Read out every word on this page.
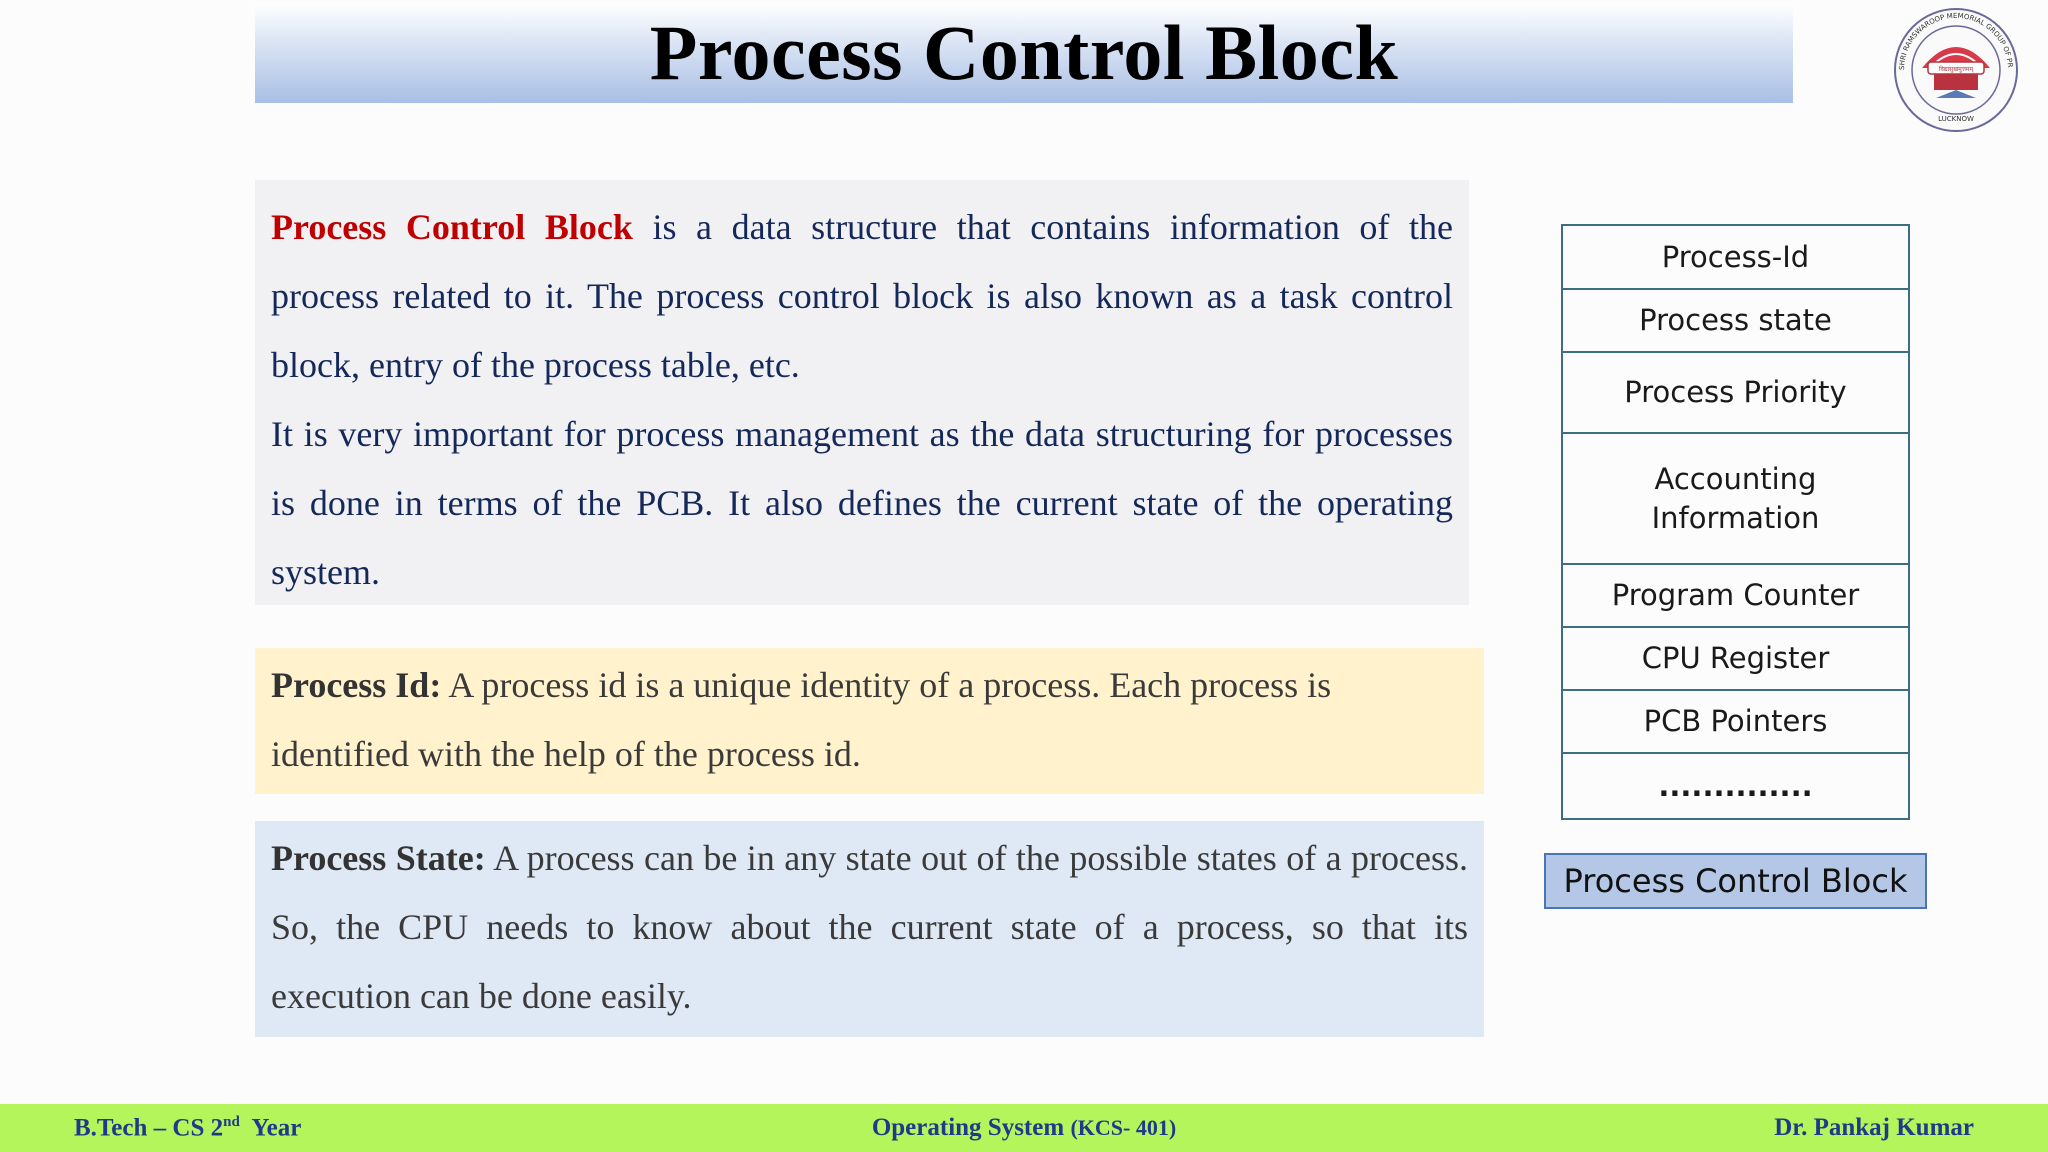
Process Control Block	SHRI RAMSWAROOP MEMORIAL GROUP OF PR
LUCKNOW
विद्यासुखमुत्तमम्

Process Control Block is a data structure that contains information of the process related to it. The process control block is also known as a task control block, entry of the process table, etc.

It is very important for process management as the data structuring for processes is done in terms of the PCB. It also defines the current state of the operating system.

Process Id: A process id is a unique identity of a process. Each process is identified with the help of the process id.

Process State: A process can be in any state out of the possible states of a process. So, the CPU needs to know about the current state of a process, so that its execution can be done easily.

Process-Id
Process state
Process Priority
Accounting Information
Program Counter
CPU Register
PCB Pointers
..............
Process Control Block
B.Tech – CS 2nd  Year	Operating System (KCS- 401)	Dr. Pankaj Kumar
